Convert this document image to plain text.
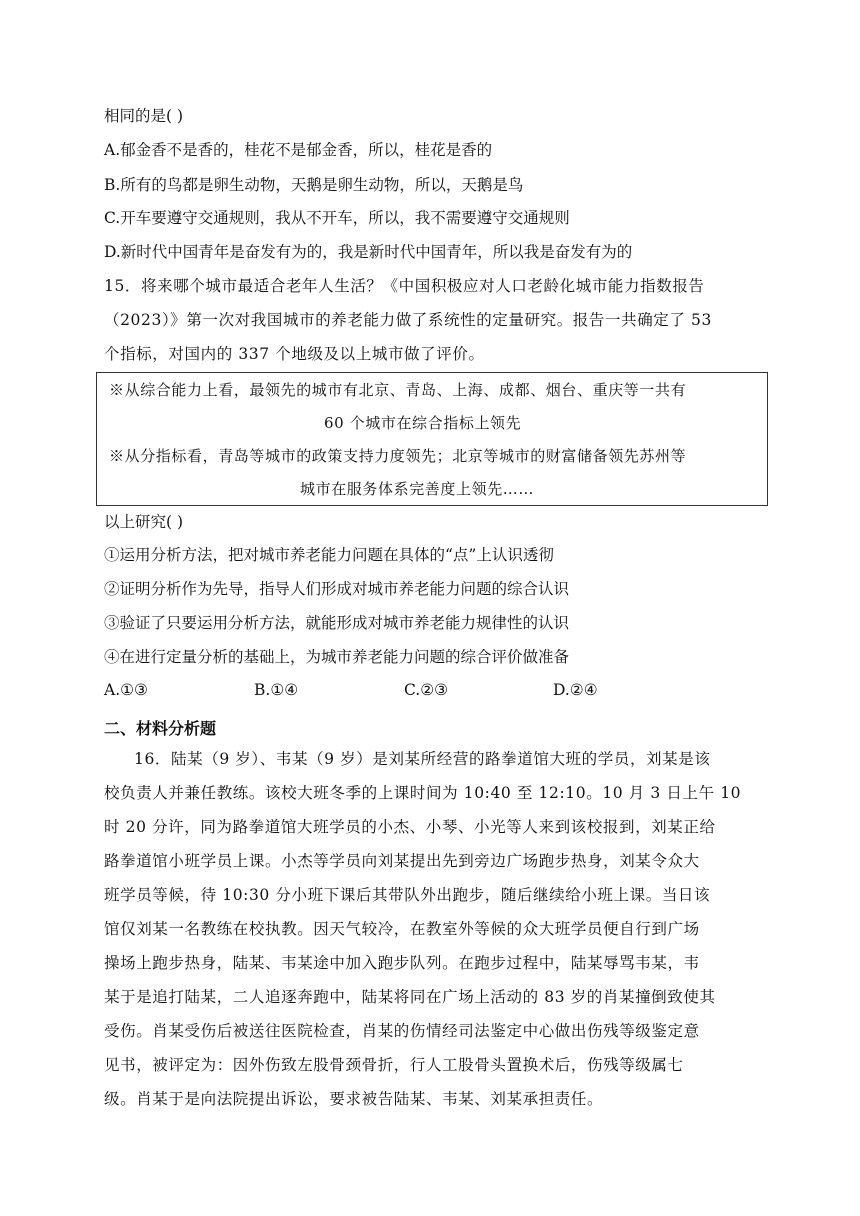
相同的是( )
A.郁金香不是香的，桂花不是郁金香，所以，桂花是香的
B.所有的鸟都是卵生动物，天鹅是卵生动物，所以，天鹅是鸟
C.开车要遵守交通规则，我从不开车，所以，我不需要遵守交通规则
D.新时代中国青年是奋发有为的，我是新时代中国青年，所以我是奋发有为的
15．将来哪个城市最适合老年人生活？《中国积极应对人口老龄化城市能力指数报告
（2023）》第一次对我国城市的养老能力做了系统性的定量研究。报告一共确定了 53
个指标，对国内的 337 个地级及以上城市做了评价。
※从综合能力上看，最领先的城市有北京、青岛、上海、成都、烟台、重庆等一共有
60 个城市在综合指标上领先
※从分指标看，青岛等城市的政策支持力度领先；北京等城市的财富储备领先苏州等
城市在服务体系完善度上领先……
以上研究( )
①运用分析方法，把对城市养老能力问题在具体的“点”上认识透彻
②证明分析作为先导，指导人们形成对城市养老能力问题的综合认识
③验证了只要运用分析方法，就能形成对城市养老能力规律性的认识
④在进行定量分析的基础上，为城市养老能力问题的综合评价做准备
A.①③	B.①④	C.②③	D.②④
二、材料分析题
16．陆某（9 岁）、韦某（9 岁）是刘某所经营的路拳道馆大班的学员，刘某是该
校负责人并兼任教练。该校大班冬季的上课时间为 10:40 至 12:10。10 月 3 日上午 10
时 20 分许，同为路拳道馆大班学员的小杰、小琴、小光等人来到该校报到，刘某正给
路拳道馆小班学员上课。小杰等学员向刘某提出先到旁边广场跑步热身，刘某令众大
班学员等候，待 10:30 分小班下课后其带队外出跑步，随后继续给小班上课。当日该
馆仅刘某一名教练在校执教。因天气较冷，在教室外等候的众大班学员便自行到广场
操场上跑步热身，陆某、韦某途中加入跑步队列。在跑步过程中，陆某辱骂韦某，韦
某于是追打陆某，二人追逐奔跑中，陆某将同在广场上活动的 83 岁的肖某撞倒致使其
受伤。肖某受伤后被送往医院检查，肖某的伤情经司法鉴定中心做出伤残等级鉴定意
见书，被评定为：因外伤致左股骨颈骨折，行人工股骨头置换术后，伤残等级属七
级。肖某于是向法院提出诉讼，要求被告陆某、韦某、刘某承担责任。
